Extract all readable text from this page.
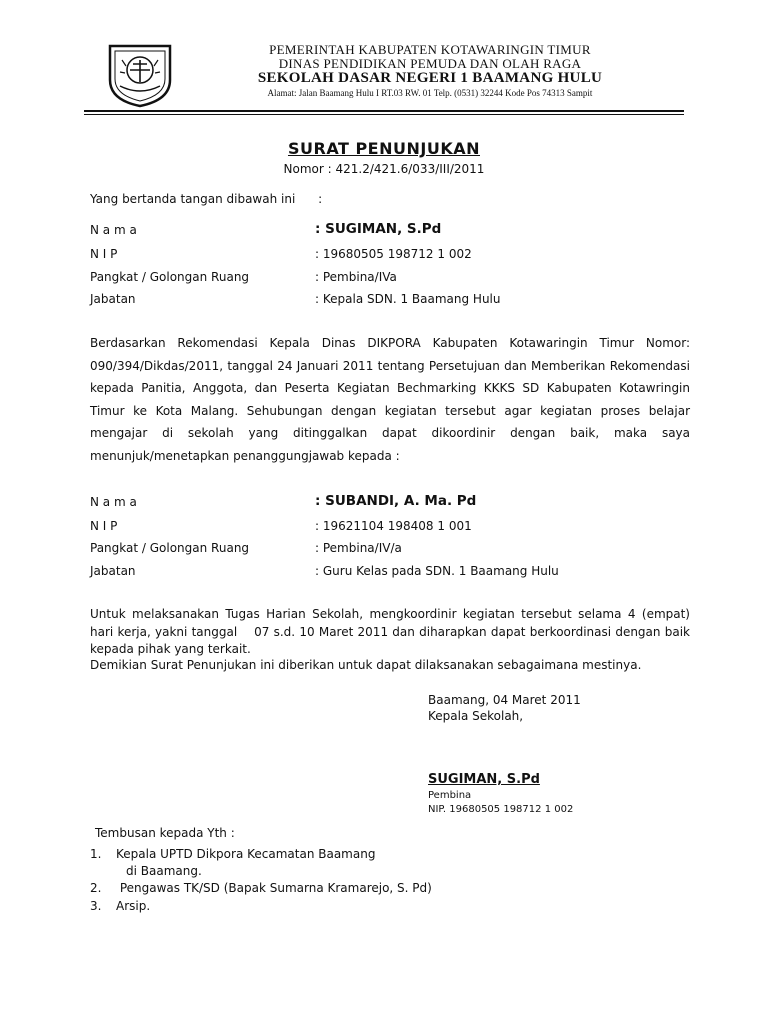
PEMERINTAH KABUPATEN KOTAWARINGIN TIMUR
DINAS PENDIDIKAN PEMUDA DAN OLAH RAGA
SEKOLAH DASAR NEGERI 1 BAAMANG HULU
Alamat: Jalan Baamang Hulu I RT.03 RW. 01 Telp. (0531) 32244 Kode Pos 74313 Sampit
SURAT PENUNJUKAN
Nomor : 421.2/421.6/033/III/2011
Yang bertanda tangan dibawah ini      :
N a m a	: SUGIMAN, S.Pd
N I P	: 19680505 198712 1 002
Pangkat / Golongan Ruang	: Pembina/IVa
Jabatan	: Kepala SDN. 1 Baamang Hulu
Berdasarkan Rekomendasi Kepala Dinas DIKPORA Kabupaten Kotawaringin Timur Nomor: 090/394/Dikdas/2011, tanggal 24 Januari 2011 tentang Persetujuan dan Memberikan Rekomendasi kepada Panitia, Anggota, dan Peserta Kegiatan Bechmarking KKKS SD Kabupaten Kotawringin Timur ke Kota Malang. Sehubungan dengan kegiatan tersebut agar kegiatan proses belajar mengajar di sekolah yang ditinggalkan dapat dikoordinir dengan baik, maka saya menunjuk/menetapkan penanggungjawab kepada :
N a m a	: SUBANDI, A. Ma. Pd
N I P	: 19621104 198408 1 001
Pangkat / Golongan Ruang	: Pembina/IV/a
Jabatan	: Guru Kelas pada SDN. 1 Baamang Hulu
Untuk melaksanakan Tugas Harian Sekolah, mengkoordinir kegiatan tersebut selama 4 (empat) hari kerja, yakni tanggal    07 s.d. 10 Maret 2011 dan diharapkan dapat berkoordinasi dengan baik kepada pihak yang terkait.
Demikian Surat Penunjukan ini diberikan untuk dapat dilaksanakan sebagaimana mestinya.
Baamang, 04 Maret 2011
Kepala Sekolah,
SUGIMAN, S.Pd
Pembina
NIP. 19680505 198712 1 002
Tembusan kepada Yth :
1. Kepala UPTD Dikpora Kecamatan Baamang
di Baamang.
2. Pengawas TK/SD (Bapak Sumarna Kramarejo, S. Pd)
3. Arsip.
